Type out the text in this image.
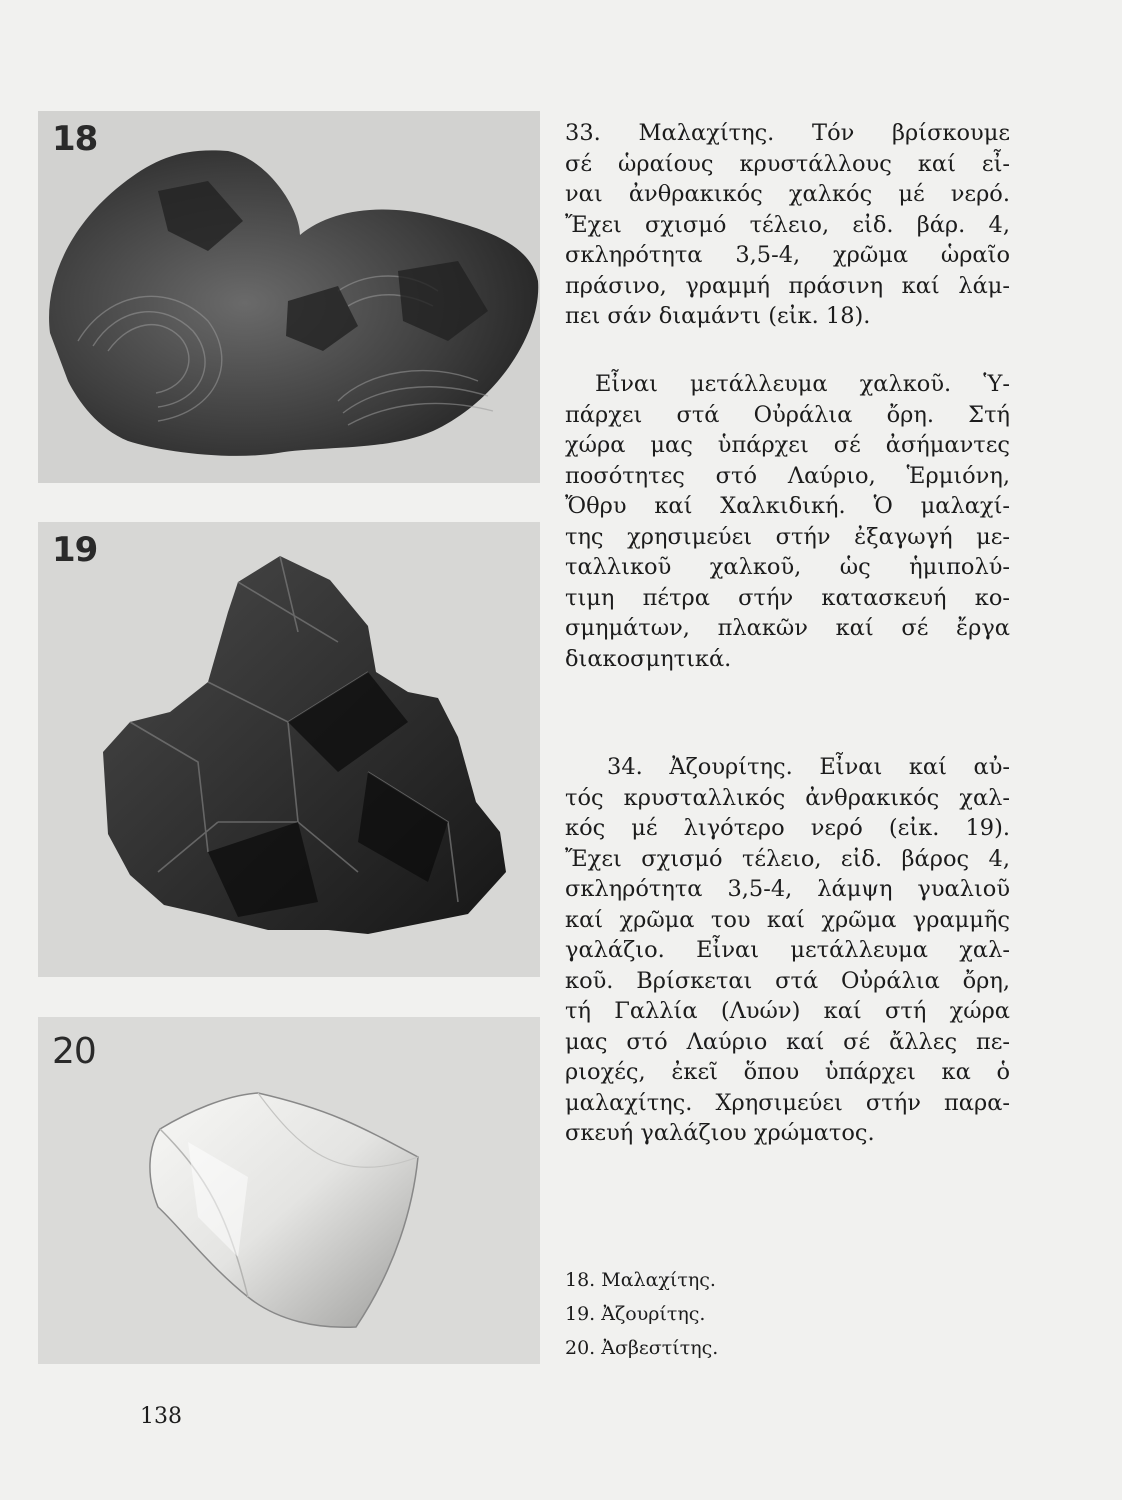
18
19
20
33. Μαλαχίτης. Τόν βρίσκουμε
σέ ὡραίους κρυστάλλους καί εἶ-
ναι ἀνθρακικός χαλκός μέ νερό.
Ἔχει σχισμό τέλειο, εἰδ. βάρ. 4,
σκληρότητα 3,5-4, χρῶμα ὡραῖο
πράσινο, γραμμή πράσινη καί λάμ-
πει σάν διαμάντι (εἰκ. 18).
Εἶναι μετάλλευμα χαλκοῦ. Ὑ-
πάρχει στά Οὐράλια ὄρη. Στή
χώρα μας ὑπάρχει σέ ἀσήμαντες
ποσότητες στό Λαύριο, Ἑρμιόνη,
Ὄθρυ καί Χαλκιδική. Ὁ μαλαχί-
της χρησιμεύει στήν ἐξαγωγή με-
ταλλικοῦ χαλκοῦ, ὡς ἡμιπολύ-
τιμη πέτρα στήν κατασκευή κο-
σμημάτων, πλακῶν καί σέ ἔργα
διακοσμητικά.
34. Ἀζουρίτης. Εἶναι καί αὐ-
τός κρυσταλλικός ἀνθρακικός χαλ-
κός μέ λιγότερο νερό (εἰκ. 19).
Ἔχει σχισμό τέλειο, εἰδ. βάρος 4,
σκληρότητα 3,5-4, λάμψη γυαλιοῦ
καί χρῶμα του καί χρῶμα γραμμῆς
γαλάζιο. Εἶναι μετάλλευμα χαλ-
κοῦ. Βρίσκεται στά Οὐράλια ὄρη,
τή Γαλλία (Λυών) καί στή χώρα
μας στό Λαύριο καί σέ ἄλλες πε-
ριοχές, ἐκεῖ ὅπου ὑπάρχει κα ὁ
μαλαχίτης. Χρησιμεύει στήν παρα-
σκευή γαλάζιου χρώματος.
18. Μαλαχίτης.
19. Ἀζουρίτης.
20. Ἀσβεστίτης.
138
